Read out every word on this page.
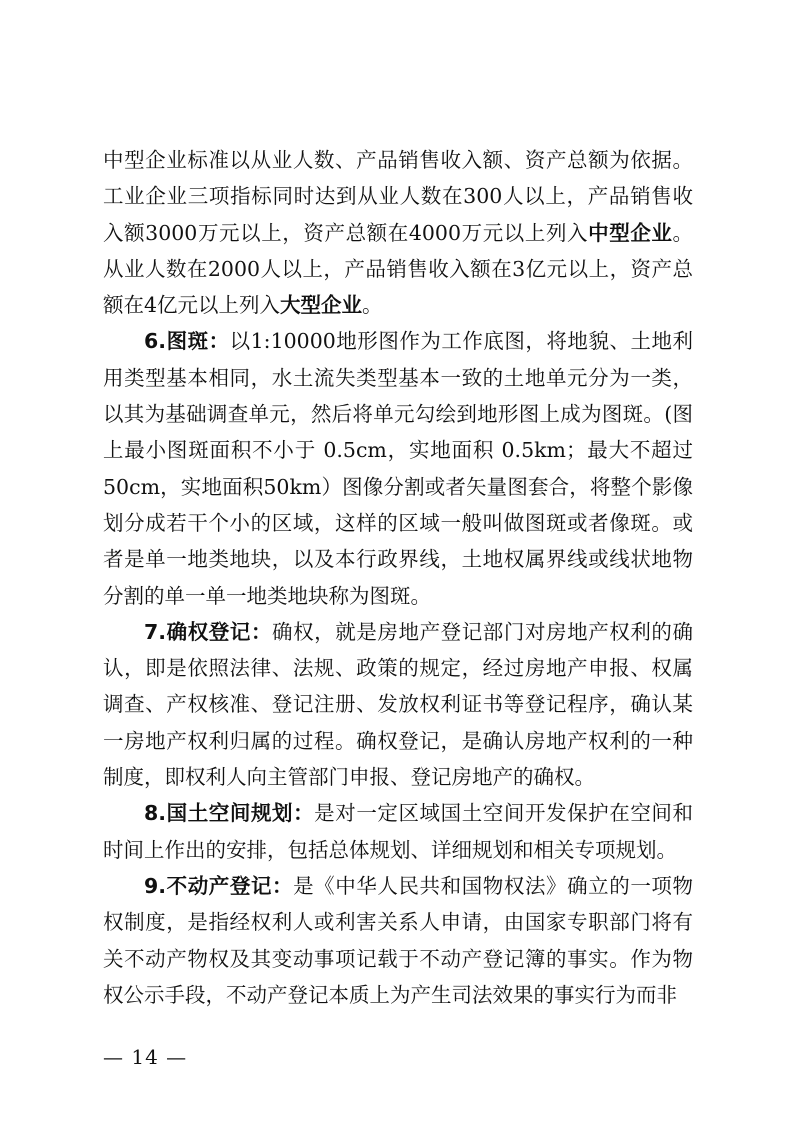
中型企业标准以从业人数、产品销售收入额、资产总额为依据。工业企业三项指标同时达到从业人数在300人以上，产品销售收入额3000万元以上，资产总额在4000万元以上列入中型企业。从业人数在2000人以上，产品销售收入额在3亿元以上，资产总额在4亿元以上列入大型企业。

6.图斑：以1:10000地形图作为工作底图，将地貌、土地利用类型基本相同，水土流失类型基本一致的土地单元分为一类，以其为基础调查单元，然后将单元勾绘到地形图上成为图斑。(图上最小图斑面积不小于 0.5cm，实地面积 0.5km；最大不超过50cm，实地面积50km）图像分割或者矢量图套合，将整个影像划分成若干个小的区域，这样的区域一般叫做图斑或者像斑。或者是单一地类地块，以及本行政界线，土地权属界线或线状地物分割的单一单一地类地块称为图斑。

7.确权登记：确权，就是房地产登记部门对房地产权利的确认，即是依照法律、法规、政策的规定，经过房地产申报、权属调查、产权核准、登记注册、发放权利证书等登记程序，确认某一房地产权利归属的过程。确权登记，是确认房地产权利的一种制度，即权利人向主管部门申报、登记房地产的确权。

8.国土空间规划：是对一定区域国土空间开发保护在空间和时间上作出的安排，包括总体规划、详细规划和相关专项规划。

9.不动产登记：是《中华人民共和国物权法》确立的一项物权制度，是指经权利人或利害关系人申请，由国家专职部门将有关不动产物权及其变动事项记载于不动产登记簿的事实。作为物权公示手段，不动产登记本质上为产生司法效果的事实行为而非

— 14 —
